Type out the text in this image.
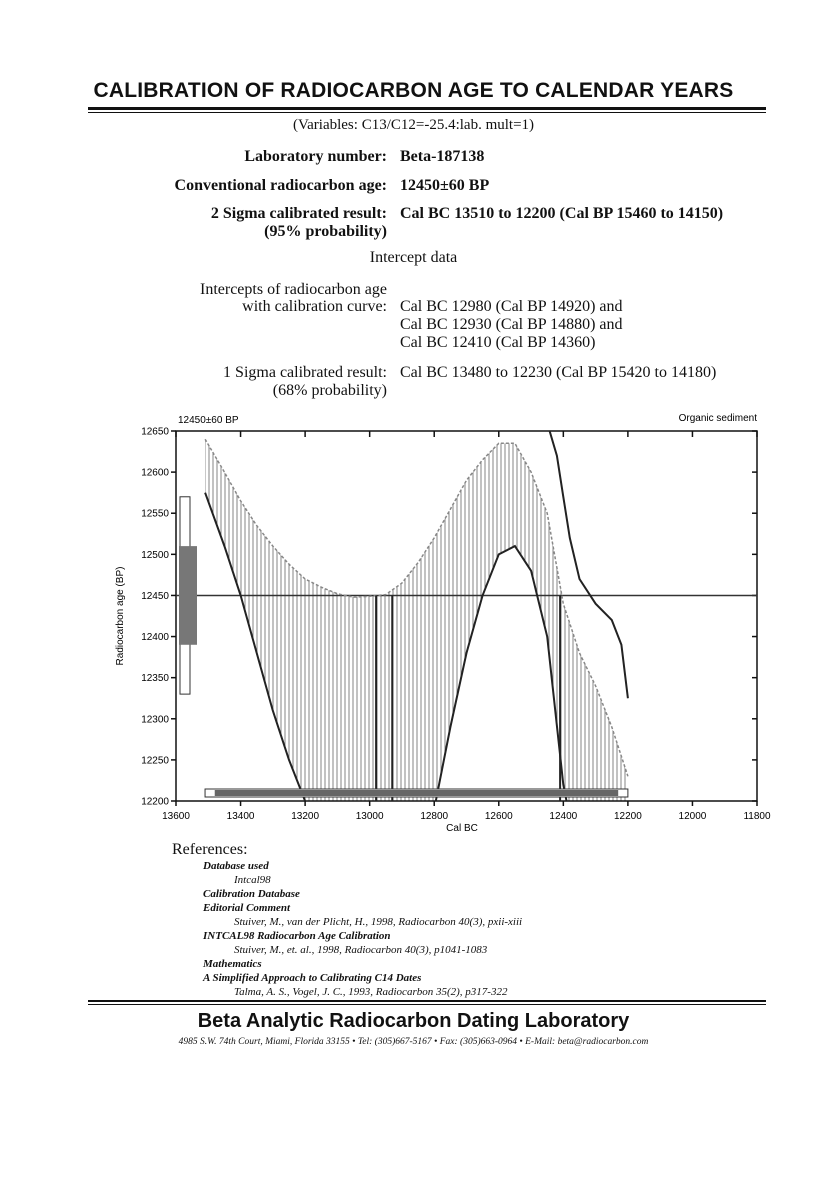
CALIBRATION OF RADIOCARBON AGE TO CALENDAR YEARS
(Variables: C13/C12=-25.4:lab. mult=1)
Laboratory number: Beta-187138
Conventional radiocarbon age: 12450±60 BP
2 Sigma calibrated result:
(95% probability)
Cal BC 13510 to 12200 (Cal BP 15460 to 14150)
Intercept data
Intercepts of radiocarbon age
with calibration curve: Cal BC 12980 (Cal BP 14920) and
Cal BC 12930 (Cal BP 14880) and
Cal BC 12410 (Cal BP 14360)
1 Sigma calibrated result:
(68% probability)
Cal BC 13480 to 12230 (Cal BP 15420 to 14180)
12450±60 BP	Organic sediment
Radiocarbon age (BP)
Cal BC
12650
12600
12550
12500
12450
12400
12350
12300
12250
12200
13600	13400	13200	13000	12800	12600	12400	12200	12000	11800
References:
Database used
Intcal98
Calibration Database
Editorial Comment
Stuiver, M., van der Plicht, H., 1998, Radiocarbon 40(3), pxii-xiii
INTCAL98 Radiocarbon Age Calibration
Stuiver, M., et. al., 1998, Radiocarbon 40(3), p1041-1083
Mathematics
A Simplified Approach to Calibrating C14 Dates
Talma, A. S., Vogel, J. C., 1993, Radiocarbon 35(2), p317-322
Beta Analytic Radiocarbon Dating Laboratory
4985 S.W. 74th Court, Miami, Florida 33155 • Tel: (305)667-5167 • Fax: (305)663-0964 • E-Mail: beta@radiocarbon.com
